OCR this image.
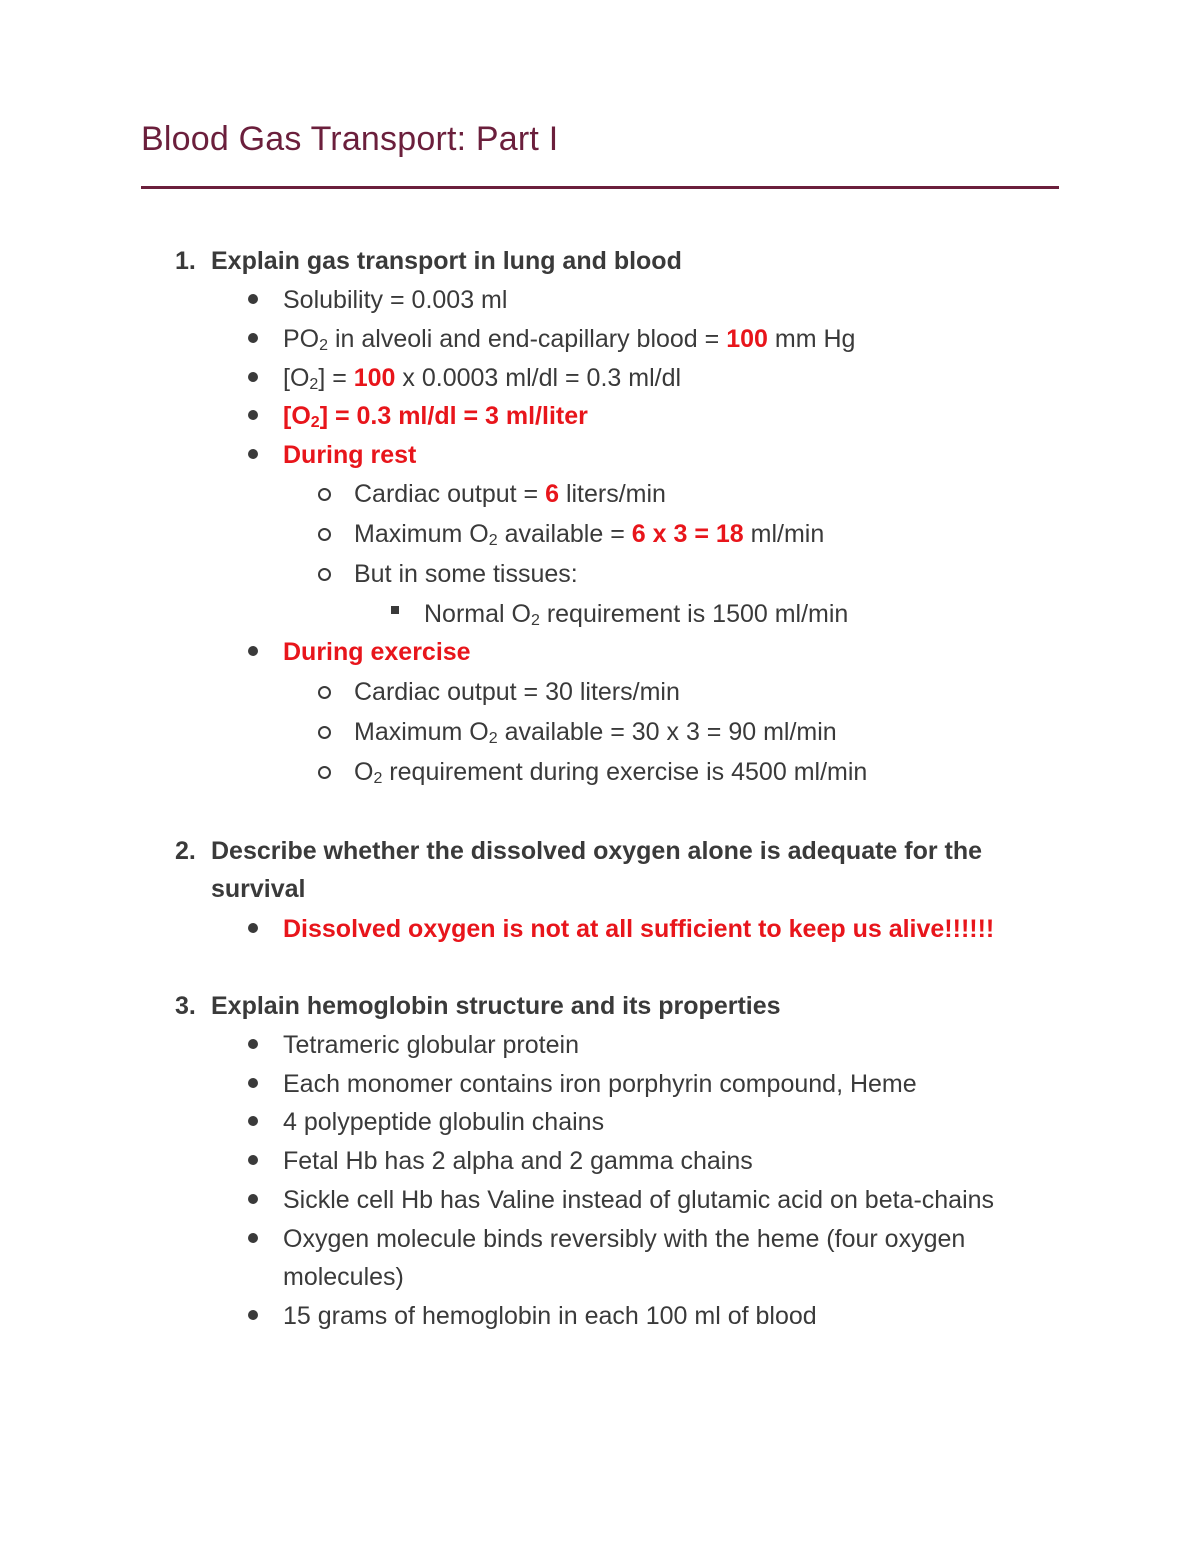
Blood Gas Transport: Part I
1. Explain gas transport in lung and blood
Solubility = 0.003 ml
$PO_2$ in alveoli and end-capillary blood = 100 mm Hg
$[O_2] = 100$ x 0.0003 ml/dl = 0.3 ml/dl
$[O_2] = 0.3$ ml/dl = 3 ml/liter
During rest
Cardiac output = 6 liters/min
Maximum $O_2$ available = 6 x 3 = 18 ml/min
But in some tissues:
Normal $O_2$ requirement is 1500 ml/min
During exercise
Cardiac output = 30 liters/min
Maximum $O_2$ available = 30 x 3 = 90 ml/min
$O_2$ requirement during exercise is 4500 ml/min
2. Describe whether the dissolved oxygen alone is adequate for the
survival
Dissolved oxygen is not at all sufficient to keep us alive!!!!!!
3. Explain hemoglobin structure and its properties
Tetrameric globular protein
Each monomer contains iron porphyrin compound, Heme
4 polypeptide globulin chains
Fetal Hb has 2 alpha and 2 gamma chains
Sickle cell Hb has Valine instead of glutamic acid on beta-chains
Oxygen molecule binds reversibly with the heme (four oxygen
molecules)
15 grams of hemoglobin in each 100 ml of blood
